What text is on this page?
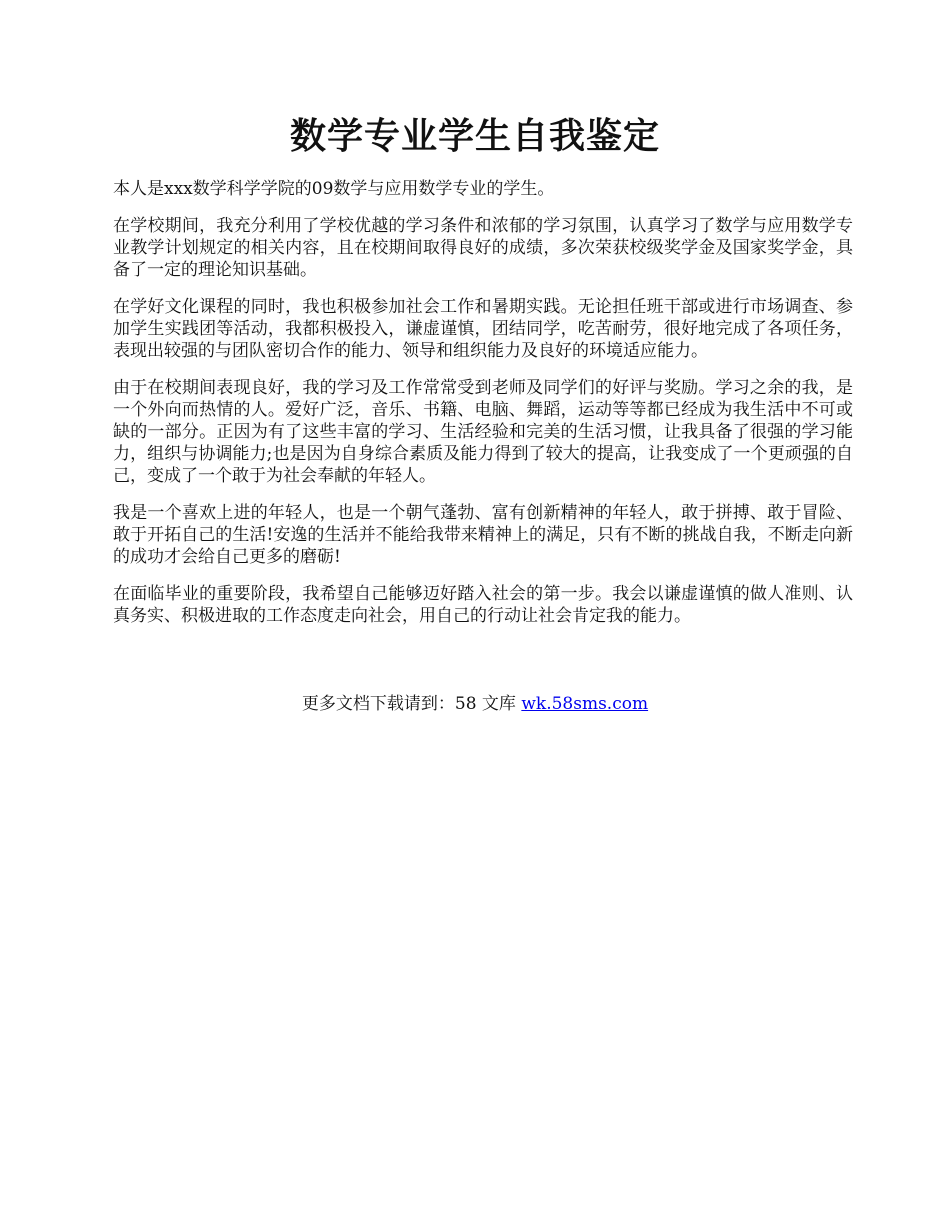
数学专业学生自我鉴定

本人是xxx数学科学学院的09数学与应用数学专业的学生。

在学校期间，我充分利用了学校优越的学习条件和浓郁的学习氛围，认真学习了数学与应用数学专业教学计划规定的相关内容，且在校期间取得良好的成绩，多次荣获校级奖学金及国家奖学金，具备了一定的理论知识基础。

在学好文化课程的同时，我也积极参加社会工作和暑期实践。无论担任班干部或进行市场调查、参加学生实践团等活动，我都积极投入，谦虚谨慎，团结同学，吃苦耐劳，很好地完成了各项任务，表现出较强的与团队密切合作的能力、领导和组织能力及良好的环境适应能力。

由于在校期间表现良好，我的学习及工作常常受到老师及同学们的好评与奖励。学习之余的我，是一个外向而热情的人。爱好广泛，音乐、书籍、电脑、舞蹈，运动等等都已经成为我生活中不可或缺的一部分。正因为有了这些丰富的学习、生活经验和完美的生活习惯，让我具备了很强的学习能力，组织与协调能力;也是因为自身综合素质及能力得到了较大的提高，让我变成了一个更顽强的自己，变成了一个敢于为社会奉献的年轻人。

我是一个喜欢上进的年轻人，也是一个朝气蓬勃、富有创新精神的年轻人，敢于拼搏、敢于冒险、敢于开拓自己的生活!安逸的生活并不能给我带来精神上的满足，只有不断的挑战自我，不断走向新的成功才会给自己更多的磨砺!

在面临毕业的重要阶段，我希望自己能够迈好踏入社会的第一步。我会以谦虚谨慎的做人准则、认真务实、积极进取的工作态度走向社会，用自己的行动让社会肯定我的能力。

更多文档下载请到：58 文库 wk.58sms.com
